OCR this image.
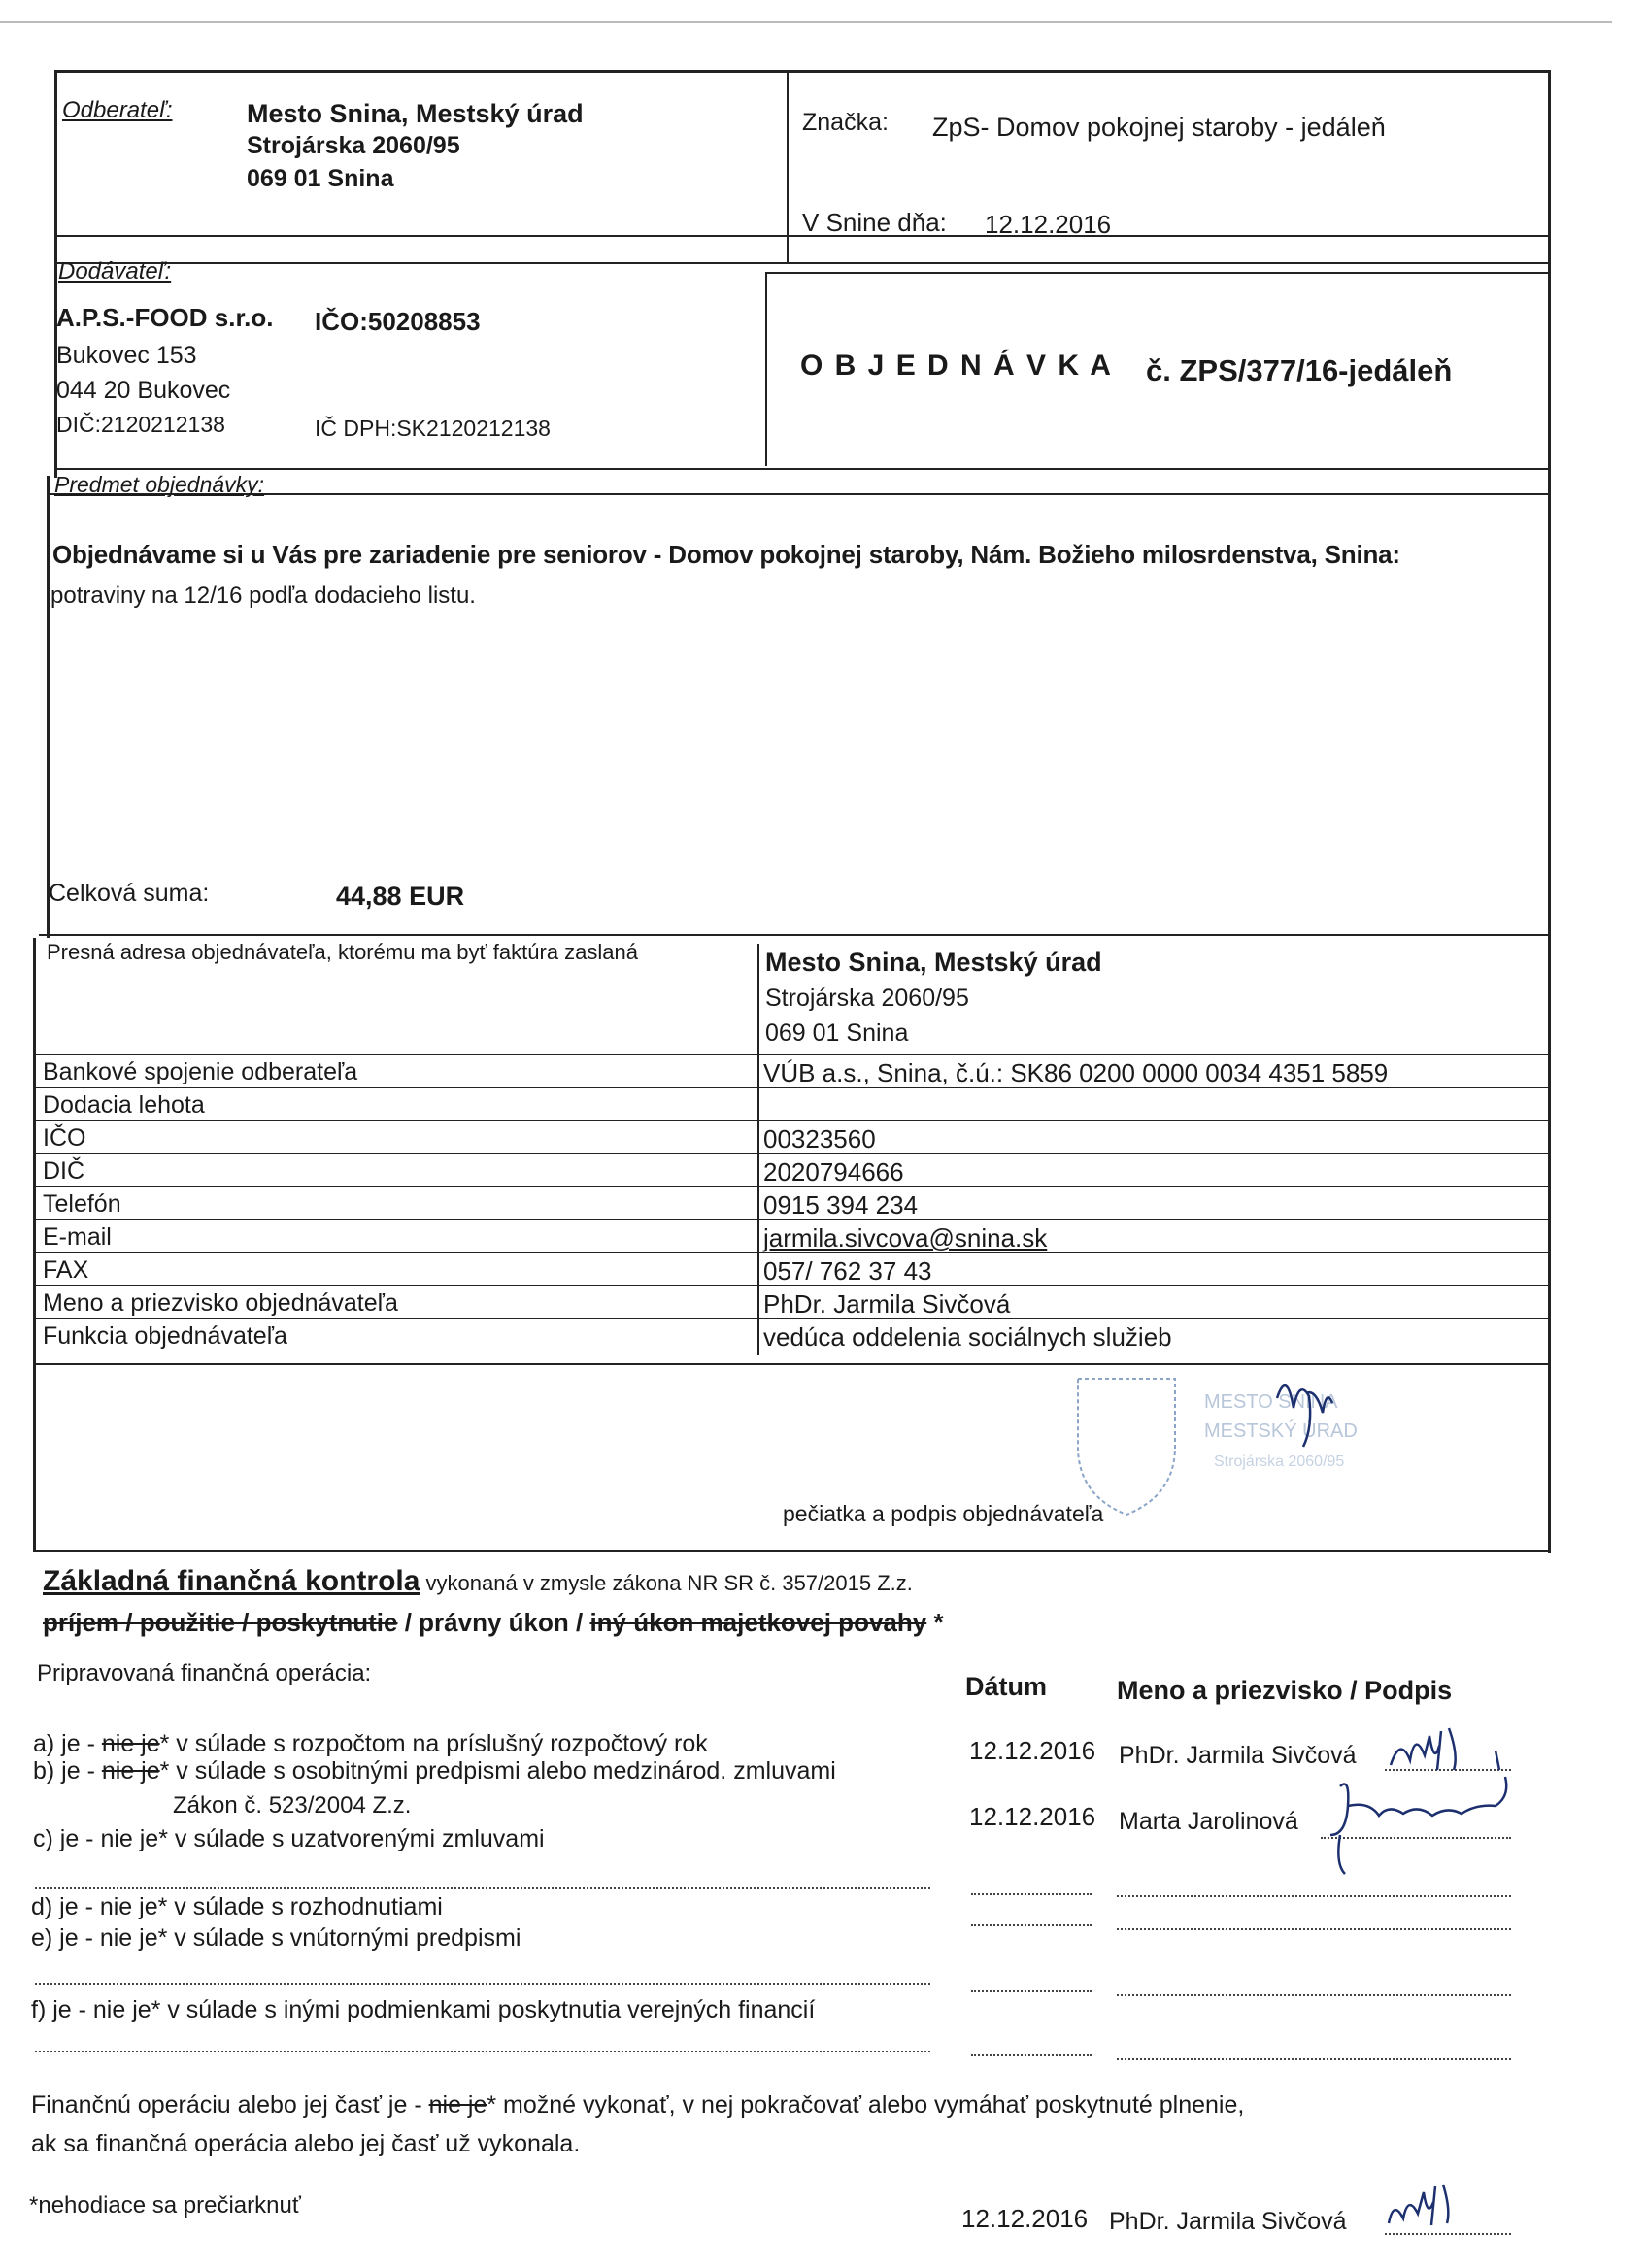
Odberateľ:	Mesto Snina, Mestský úrad
Strojárska 2060/95
069 01 Snina
Značka: ZpS- Domov pokojnej staroby - jedáleň
V Snine dňa: 12.12.2016
Dodávateľ:
A.P.S.-FOOD s.r.o. IČO:50208853
Bukovec 153
044 20 Bukovec
DIČ:2120212138	IČ DPH:SK2120212138
O B J E D N Á V K A č. ZPS/377/16-jedáleň
Predmet objednávky:
Objednávame si u Vás pre zariadenie pre seniorov - Domov pokojnej staroby, Nám. Božieho milosrdenstva, Snina:
potraviny na 12/16 podľa dodacieho listu.
Celková suma:	44,88 EUR
Presná adresa objednávateľa, ktorému ma byť faktúra zaslaná	Mesto Snina, Mestský úrad
Strojárska 2060/95
069 01 Snina
Bankové spojenie odberateľa	VÚB a.s., Snina, č.ú.: SK86 0200 0000 0034 4351 5859
Dodacia lehota
IČO	00323560
DIČ	2020794666
Telefón	0915 394 234
E-mail	jarmila.sivcova@snina.sk
FAX	057/ 762 37 43
Meno a priezvisko objednávateľa	PhDr. Jarmila Sivčová
Funkcia objednávateľa	vedúca oddelenia sociálnych služieb
MESTO SNINA
MESTSKÝ ÚRAD
Strojárska 2060/95
pečiatka a podpis objednávateľa
Základná finančná kontrola vykonaná v zmysle zákona NR SR č. 357/2015 Z.z.
príjem / použitie / poskytnutie / právny úkon / iný úkon majetkovej povahy *
Pripravovaná finančná operácia:	Dátum	Meno a priezvisko / Podpis
a) je - nie je* v súlade s rozpočtom na príslušný rozpočtový rok
b) je - nie je* v súlade s osobitnými predpismi alebo medzinárod. zmluvami
Zákon č. 523/2004 Z.z.
c) je - nie je* v súlade s uzatvorenými zmluvami
d) je - nie je* v súlade s rozhodnutiami
e) je - nie je* v súlade s vnútornými predpismi
f) je - nie je* v súlade s inými podmienkami poskytnutia verejných financií
12.12.2016 PhDr. Jarmila Sivčová
12.12.2016 Marta Jarolinová
Finančnú operáciu alebo jej časť je - nie je* možné vykonať, v nej pokračovať alebo vymáhať poskytnuté plnenie,
ak sa finančná operácia alebo jej časť už vykonala.
*nehodiace sa prečiarknuť	12.12.2016 PhDr. Jarmila Sivčová
